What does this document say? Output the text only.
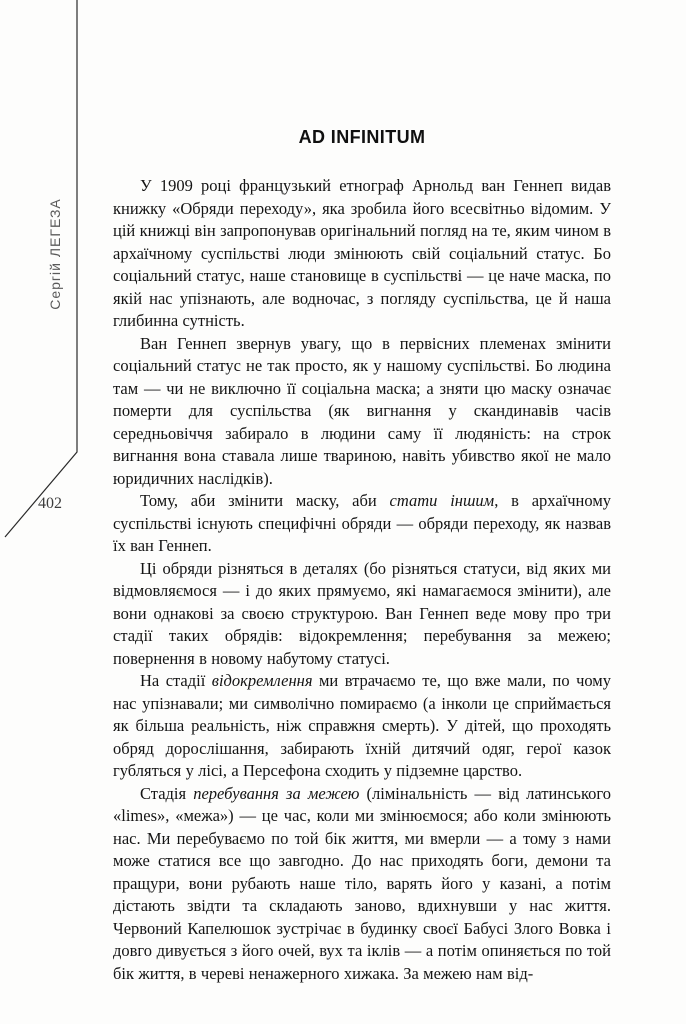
Сергій ЛЕГЕЗА
402
AD INFINITUM

У 1909 році французький етнограф Арнольд ван Геннеп видав книжку «Обряди переходу», яка зробила його всесвітньо відомим. У цій книжці він запропонував оригінальний погляд на те, яким чином в архаїчному суспільстві люди змінюють свій соціальний статус. Бо соціальний статус, наше становище в суспільстві — це наче маска, по якій нас упізнають, але водночас, з погляду суспільства, це й наша глибинна сутність.

Ван Геннеп звернув увагу, що в первісних племенах змінити соціальний статус не так просто, як у нашому суспільстві. Бо людина там — чи не виключно її соціальна маска; а зняти цю маску означає померти для суспільства (як вигнання у скандинавів часів середньовіччя забирало в людини саму її людяність: на строк вигнання вона ставала лише твариною, навіть убивство якої не мало юридичних наслідків).

Тому, аби змінити маску, аби стати іншим, в архаїчному суспільстві існують специфічні обряди — обряди переходу, як назвав їх ван Геннеп.

Ці обряди різняться в деталях (бо різняться статуси, від яких ми відмовляємося — і до яких прямуємо, які намагаємося змінити), але вони однакові за своєю структурою. Ван Геннеп веде мову про три стадії таких обрядів: відокремлення; перебування за межею; повернення в новому набутому статусі.

На стадії відокремлення ми втрачаємо те, що вже мали, по чому нас упізнавали; ми символічно помираємо (а інколи це сприймається як більша реальність, ніж справжня смерть). У дітей, що проходять обряд дорослішання, забирають їхній дитячий одяг, герої казок губляться у лісі, а Персефона сходить у підземне царство.

Стадія перебування за межею (лімінальність — від латинського «limes», «межа») — це час, коли ми змінюємося; або коли змінюють нас. Ми перебуваємо по той бік життя, ми вмерли — а тому з нами може статися все що завгодно. До нас приходять боги, демони та пращури, вони рубають наше тіло, варять його у казані, а потім дістають звідти та складають заново, вдихнувши у нас життя. Червоний Капелюшок зустрічає в будинку своєї Бабусі Злого Вовка і довго дивується з його очей, вух та іклів — а потім опиняється по той бік життя, в череві ненажерного хижака. За межею нам від-
